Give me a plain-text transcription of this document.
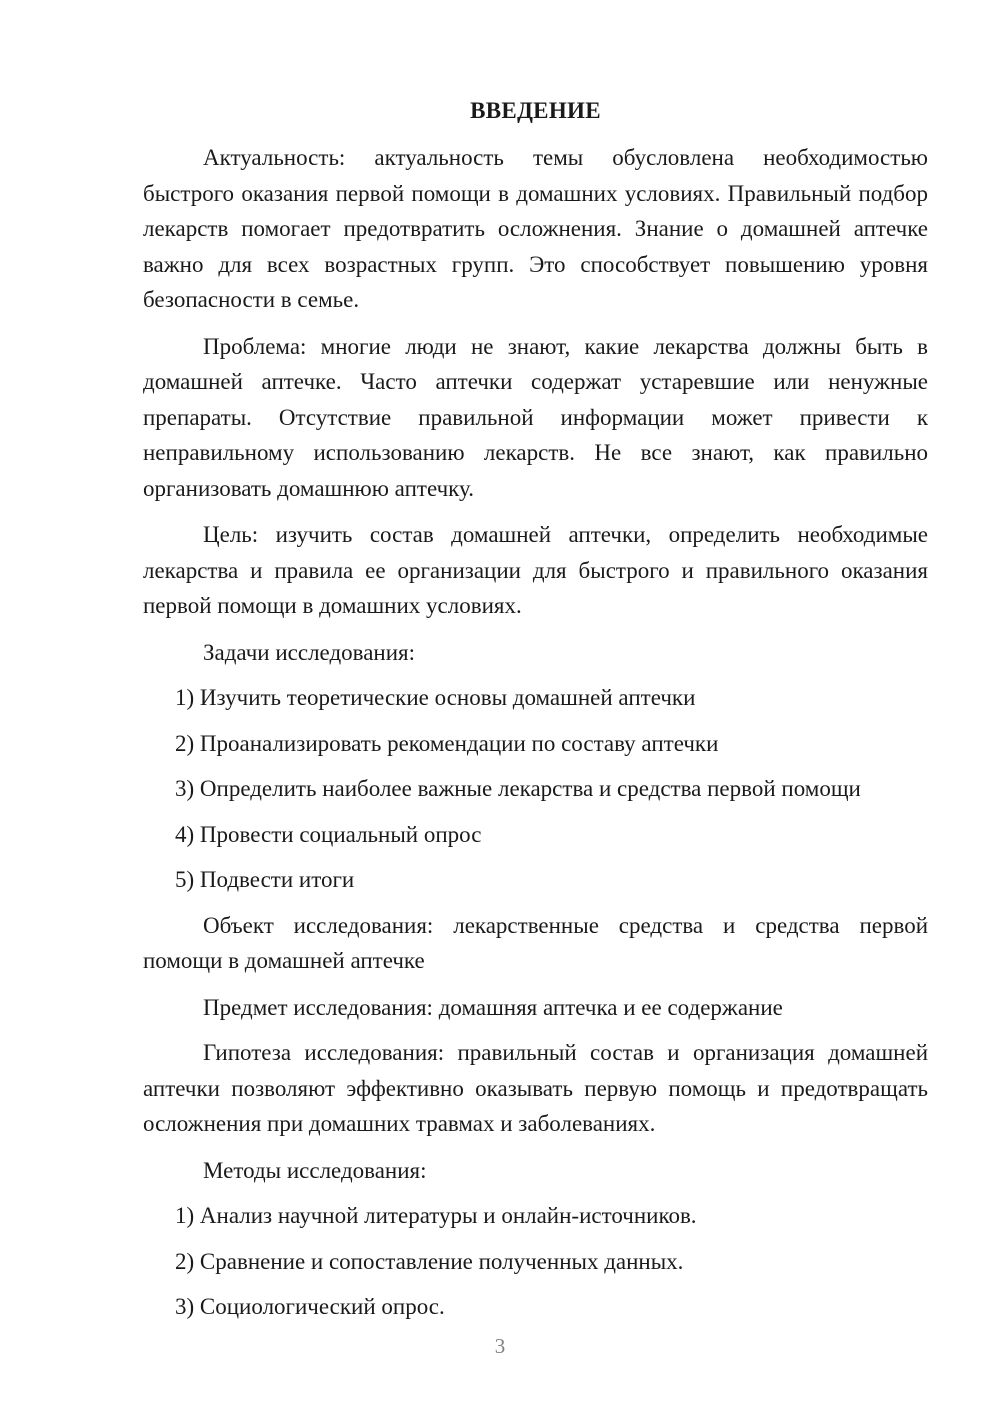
ВВЕДЕНИЕ

Актуальность: актуальность темы обусловлена необходимостью быстрого оказания первой помощи в домашних условиях. Правильный подбор лекарств помогает предотвратить осложнения. Знание о домашней аптечке важно для всех возрастных групп. Это способствует повышению уровня безопасности в семье.

Проблема: многие люди не знают, какие лекарства должны быть в домашней аптечке. Часто аптечки содержат устаревшие или ненужные препараты. Отсутствие правильной информации может привести к неправильному использованию лекарств. Не все знают, как правильно организовать домашнюю аптечку.

Цель: изучить состав домашней аптечки, определить необходимые лекарства и правила ее организации для быстрого и правильного оказания первой помощи в домашних условиях.

Задачи исследования:

1) Изучить теоретические основы домашней аптечки
2) Проанализировать рекомендации по составу аптечки
3) Определить наиболее важные лекарства и средства первой помощи
4) Провести социальный опрос
5) Подвести итоги

Объект исследования: лекарственные средства и средства первой помощи в домашней аптечке

Предмет исследования: домашняя аптечка и ее содержание

Гипотеза исследования: правильный состав и организация домашней аптечки позволяют эффективно оказывать первую помощь и предотвращать осложнения при домашних травмах и заболеваниях.

Методы исследования:

1) Анализ научной литературы и онлайн-источников.
2) Сравнение и сопоставление полученных данных.
3) Социологический опрос.
3
